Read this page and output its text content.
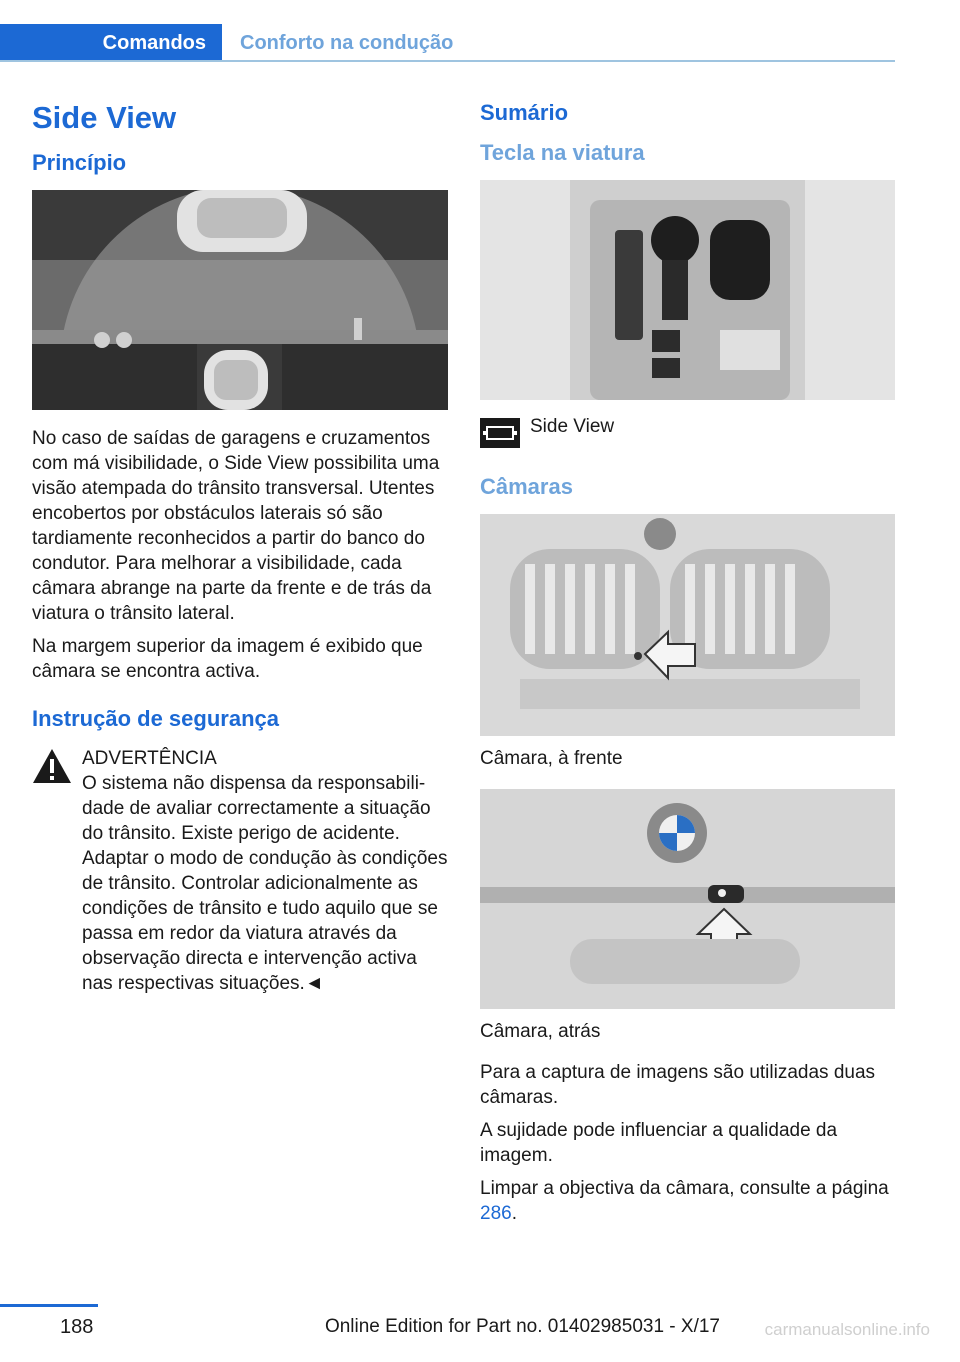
Comandos	Conforto na condução
Side View
Princípio

No caso de saídas de garagens e cruzamentos com má visibilidade, o Side View possibilita uma visão atempada do trânsito transversal. Utentes encobertos por obstáculos laterais só são tardiamente reconhecidos a partir do banco do condutor. Para melhorar a visibilidade, cada câmara abrange na parte da frente e de trás da viatura o trânsito lateral.

Na margem superior da imagem é exibido que câmara se encontra activa.

Instrução de segurança
ADVERTÊNCIA
O sistema não dispensa da responsabilidade de avaliar correctamente a situação do trânsito. Existe perigo de acidente. Adaptar o modo de condução às condições de trânsito. Controlar adicionalmente as condições de trânsito e tudo aquilo que se passa em redor da viatura através da observação directa e intervenção activa nas respectivas situações.◄
Sumário
Tecla na viatura

Side View

Câmaras

Câmara, à frente

Câmara, atrás

Para a captura de imagens são utilizadas duas câmaras.

A sujidade pode influenciar a qualidade da imagem.

Limpar a objectiva da câmara, consulte a página 286.

188	Online Edition for Part no. 01402985031 - X/17	carmanualsonline.info
